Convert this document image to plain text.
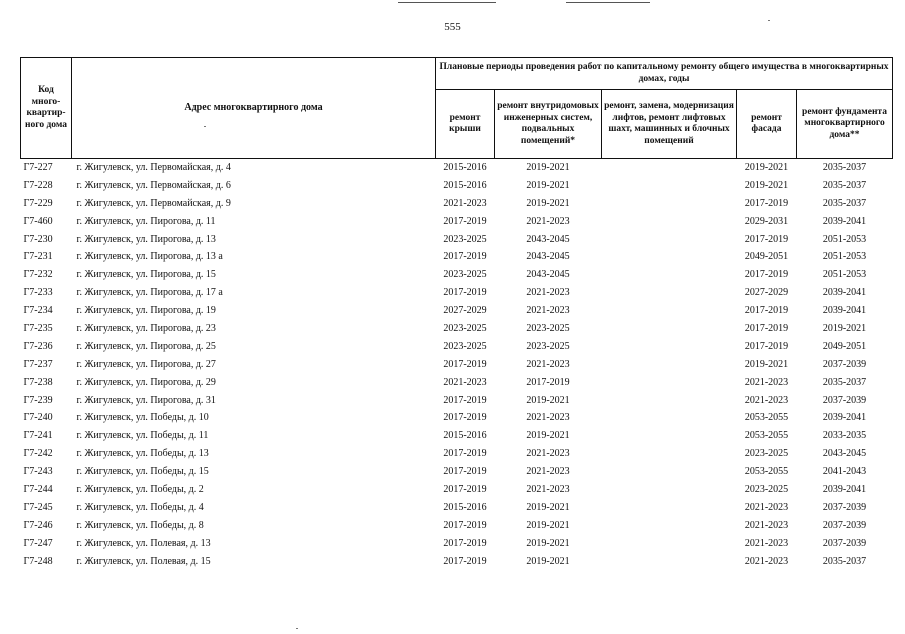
555
Код много-квартир-ного дома	Адрес многоквартирного дома	Плановые периоды проведения работ по капитальному ремонту общего имущества в многоквартирных домах, годы				
		ремонт крыши	ремонт внутридомовых инженерных систем, подвальных помещений*	ремонт, замена, модернизация лифтов, ремонт лифтовых шахт, машинных и блочных помещений	ремонт фасада	ремонт фундамента многоквартирного дома**
Г7-227	г. Жигулевск, ул. Первомайская, д. 4	2015-2016	2019-2021		2019-2021	2035-2037
Г7-228	г. Жигулевск, ул. Первомайская, д. 6	2015-2016	2019-2021		2019-2021	2035-2037
Г7-229	г. Жигулевск, ул. Первомайская, д. 9	2021-2023	2019-2021		2017-2019	2035-2037
Г7-460	г. Жигулевск, ул. Пирогова, д. 11	2017-2019	2021-2023		2029-2031	2039-2041
Г7-230	г. Жигулевск, ул. Пирогова, д. 13	2023-2025	2043-2045		2017-2019	2051-2053
Г7-231	г. Жигулевск, ул. Пирогова, д. 13 а	2017-2019	2043-2045		2049-2051	2051-2053
Г7-232	г. Жигулевск, ул. Пирогова, д. 15	2023-2025	2043-2045		2017-2019	2051-2053
Г7-233	г. Жигулевск, ул. Пирогова, д. 17 а	2017-2019	2021-2023		2027-2029	2039-2041
Г7-234	г. Жигулевск, ул. Пирогова, д. 19	2027-2029	2021-2023		2017-2019	2039-2041
Г7-235	г. Жигулевск, ул. Пирогова, д. 23	2023-2025	2023-2025		2017-2019	2019-2021
Г7-236	г. Жигулевск, ул. Пирогова, д. 25	2023-2025	2023-2025		2017-2019	2049-2051
Г7-237	г. Жигулевск, ул. Пирогова, д. 27	2017-2019	2021-2023		2019-2021	2037-2039
Г7-238	г. Жигулевск, ул. Пирогова, д. 29	2021-2023	2017-2019		2021-2023	2035-2037
Г7-239	г. Жигулевск, ул. Пирогова, д. 31	2017-2019	2019-2021		2021-2023	2037-2039
Г7-240	г. Жигулевск, ул. Победы, д. 10	2017-2019	2021-2023		2053-2055	2039-2041
Г7-241	г. Жигулевск, ул. Победы, д. 11	2015-2016	2019-2021		2053-2055	2033-2035
Г7-242	г. Жигулевск, ул. Победы, д. 13	2017-2019	2021-2023		2023-2025	2043-2045
Г7-243	г. Жигулевск, ул. Победы, д. 15	2017-2019	2021-2023		2053-2055	2041-2043
Г7-244	г. Жигулевск, ул. Победы, д. 2	2017-2019	2021-2023		2023-2025	2039-2041
Г7-245	г. Жигулевск, ул. Победы, д. 4	2015-2016	2019-2021		2021-2023	2037-2039
Г7-246	г. Жигулевск, ул. Победы, д. 8	2017-2019	2019-2021		2021-2023	2037-2039
Г7-247	г. Жигулевск, ул. Полевая, д. 13	2017-2019	2019-2021		2021-2023	2037-2039
Г7-248	г. Жигулевск, ул. Полевая, д. 15	2017-2019	2019-2021		2021-2023	2035-2037
